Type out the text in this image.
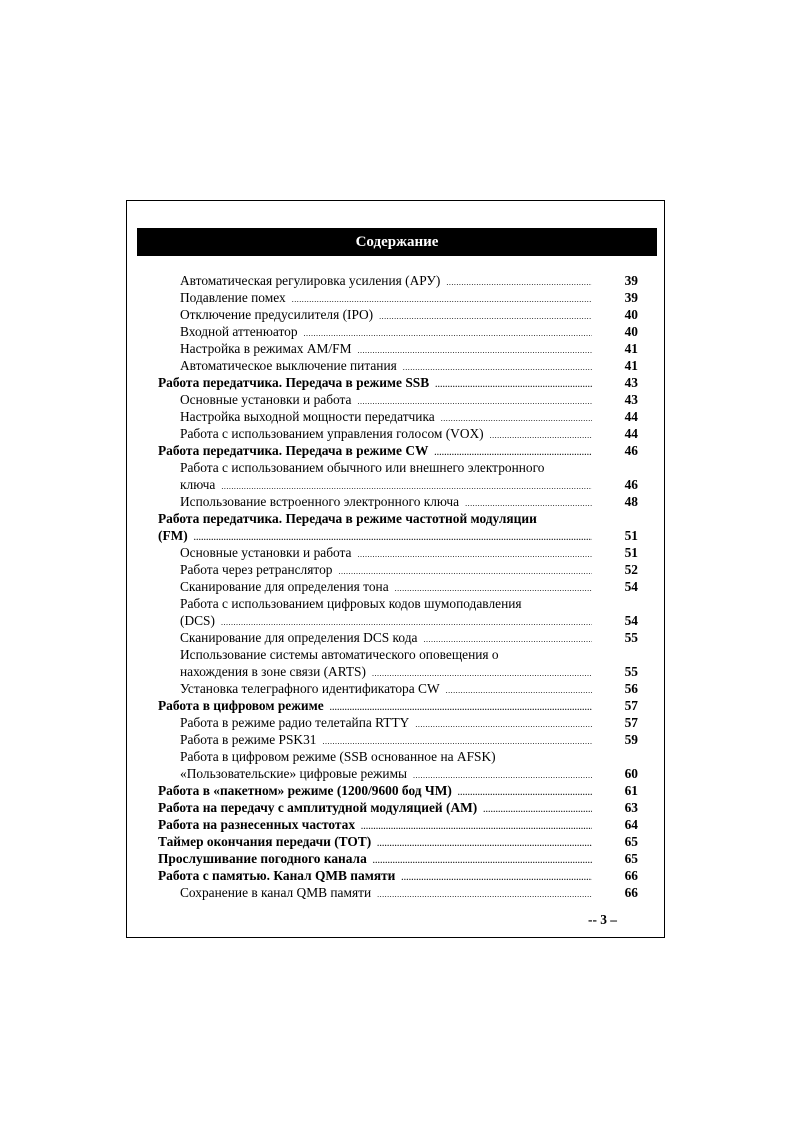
Содержание
Автоматическая регулировка усиления (АРУ) .....	39
Подавление помех .....	39
Отключение предусилителя (IPO) .....	40
Входной аттенюатор .....	40
Настройка в режимах AM/FM .....	41
Автоматическое выключение питания .....	41
Работа передатчика. Передача в режиме SSB .....	43
Основные установки и работа .....	43
Настройка выходной мощности передатчика .....	44
Работа с использованием управления голосом (VOX) .....	44
Работа передатчика. Передача в режиме CW .....	46
Работа с использованием обычного или внешнего электронного
ключа .....	46
Использование встроенного электронного ключа .....	48
Работа передатчика. Передача в режиме частотной модуляции
(FM) .....	51
Основные установки и работа .....	51
Работа через ретранслятор .....	52
Сканирование для определения тона .....	54
Работа с использованием цифровых кодов шумоподавления
(DCS) .....	54
Сканирование для определения DCS кода .....	55
Использование системы автоматического оповещения о
нахождения в зоне связи (ARTS) .....	55
Установка телеграфного идентификатора CW .....	56
Работа в цифровом режиме .....	57
Работа в режиме радио телетайпа RTTY .....	57
Работа в режиме PSK31 .....	59
Работа в цифровом режиме (SSB основанное на AFSK)
«Пользовательские» цифровые режимы .....	60
Работа в «пакетном» режиме (1200/9600 бод ЧМ) .....	61
Работа на передачу с амплитудной модуляцией (AM) .....	63
Работа на разнесенных частотах .....	64
Таймер окончания передачи (TOT) .....	65
Прослушивание погодного канала .....	65
Работа с памятью. Канал QMB памяти .....	66
Сохранение в канал QMB памяти .....	66
-- 3 –
